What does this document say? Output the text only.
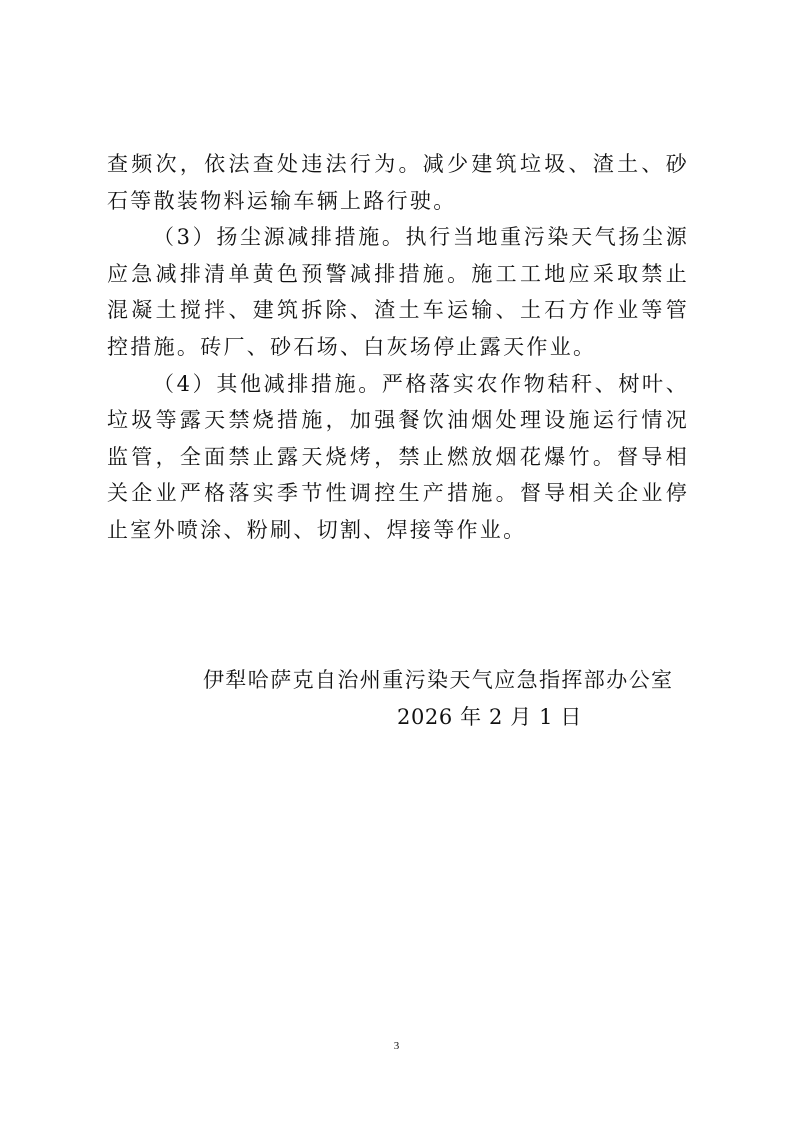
查频次，依法查处违法行为。减少建筑垃圾、渣土、砂石等散装物料运输车辆上路行驶。

（3）扬尘源减排措施。执行当地重污染天气扬尘源应急减排清单黄色预警减排措施。施工工地应采取禁止混凝土搅拌、建筑拆除、渣土车运输、土石方作业等管控措施。砖厂、砂石场、白灰场停止露天作业。

（4）其他减排措施。严格落实农作物秸秆、树叶、垃圾等露天禁烧措施，加强餐饮油烟处理设施运行情况监管，全面禁止露天烧烤，禁止燃放烟花爆竹。督导相关企业严格落实季节性调控生产措施。督导相关企业停止室外喷涂、粉刷、切割、焊接等作业。

伊犁哈萨克自治州重污染天气应急指挥部办公室
2026 年 2 月 1 日
3
